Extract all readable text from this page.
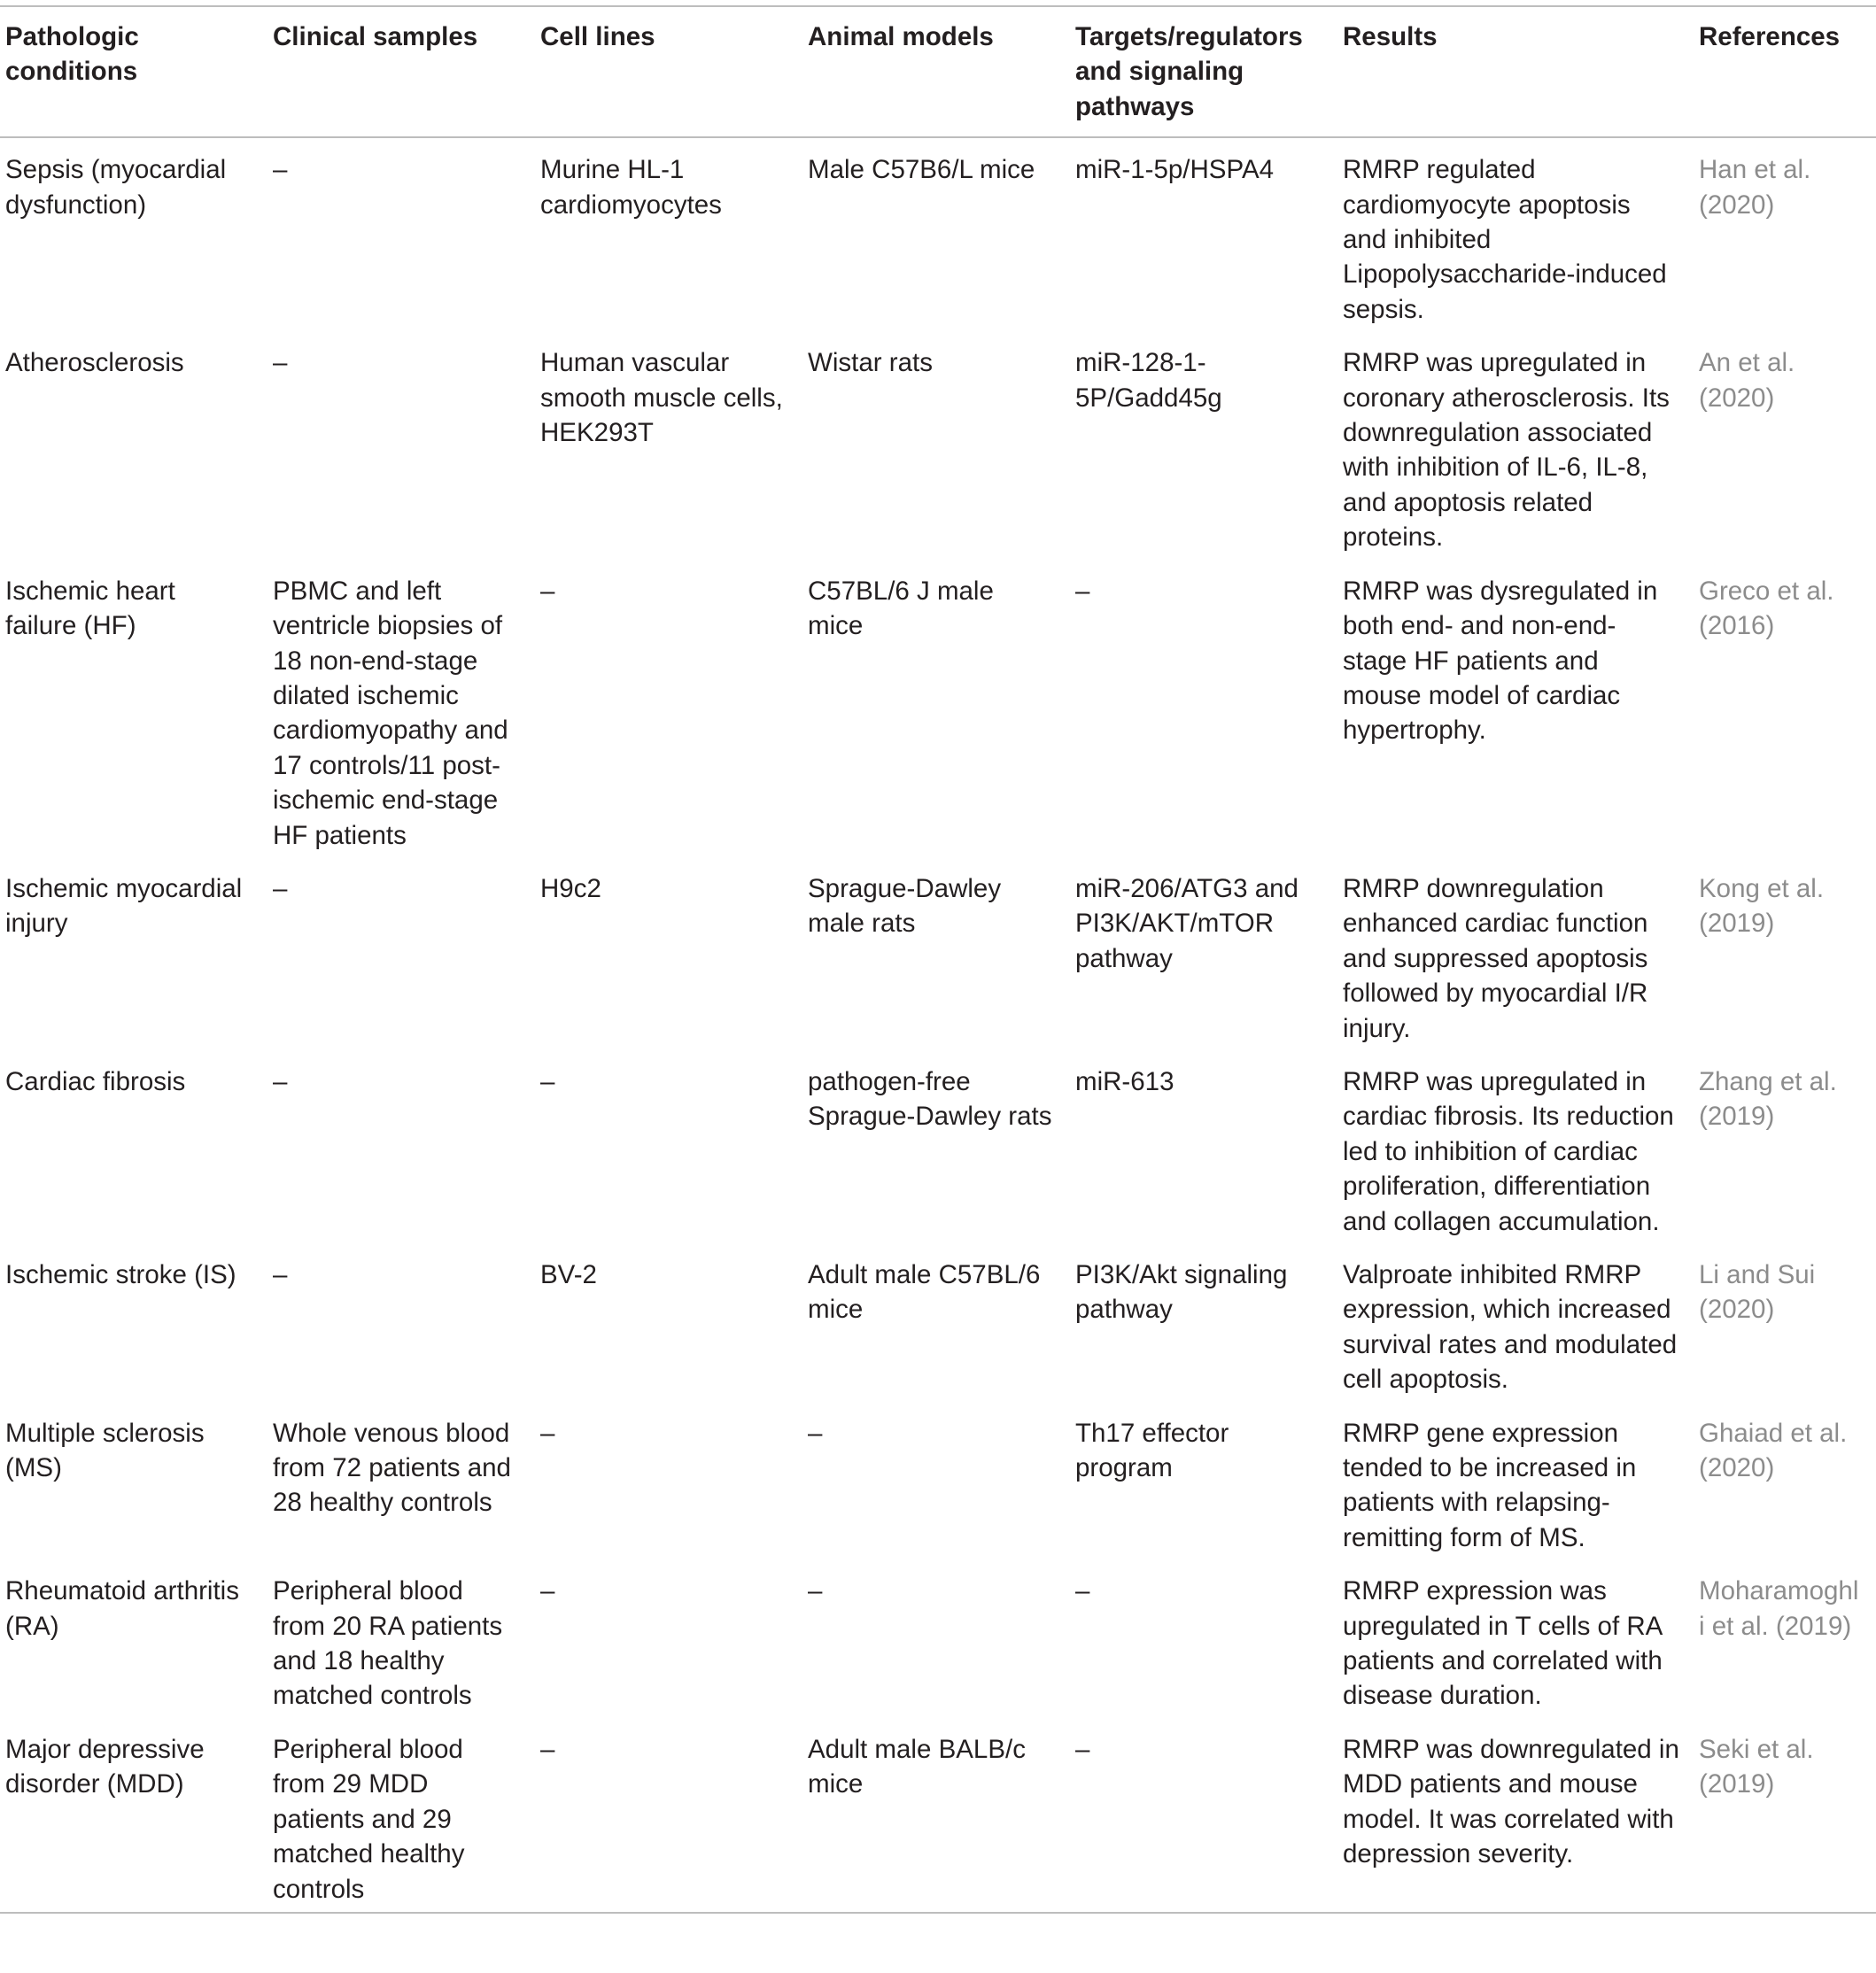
Pathologic conditions	Clinical samples	Cell lines	Animal models	Targets/regulators and signaling pathways	Results	References
Sepsis (myocardial dysfunction)	–	Murine HL-1 cardiomyocytes	Male C57B6/L mice	miR-1-5p/HSPA4	RMRP regulated cardiomyocyte apoptosis and inhibited Lipopolysaccharide-induced sepsis.	Han et al. (2020)
Atherosclerosis	–	Human vascular smooth muscle cells, HEK293T	Wistar rats	miR-128-1-5P/Gadd45g	RMRP was upregulated in coronary atherosclerosis. Its downregulation associated with inhibition of IL-6, IL-8, and apoptosis related proteins.	An et al. (2020)
Ischemic heart failure (HF)	PBMC and left ventricle biopsies of 18 non-end-stage dilated ischemic cardiomyopathy and 17 controls/11 post-ischemic end-stage HF patients	–	C57BL/6 J male mice	–	RMRP was dysregulated in both end- and non-end-stage HF patients and mouse model of cardiac hypertrophy.	Greco et al. (2016)
Ischemic myocardial injury	–	H9c2	Sprague-Dawley male rats	miR-206/ATG3 and PI3K/AKT/mTOR pathway	RMRP downregulation enhanced cardiac function and suppressed apoptosis followed by myocardial I/R injury.	Kong et al. (2019)
Cardiac fibrosis	–	–	pathogen-free Sprague-Dawley rats	miR-613	RMRP was upregulated in cardiac fibrosis. Its reduction led to inhibition of cardiac proliferation, differentiation and collagen accumulation.	Zhang et al. (2019)
Ischemic stroke (IS)	–	BV-2	Adult male C57BL/6 mice	PI3K/Akt signaling pathway	Valproate inhibited RMRP expression, which increased survival rates and modulated cell apoptosis.	Li and Sui (2020)
Multiple sclerosis (MS)	Whole venous blood from 72 patients and 28 healthy controls	–	–	Th17 effector program	RMRP gene expression tended to be increased in patients with relapsing-remitting form of MS.	Ghaiad et al. (2020)
Rheumatoid arthritis (RA)	Peripheral blood from 20 RA patients and 18 healthy matched controls	–	–	–	RMRP expression was upregulated in T cells of RA patients and correlated with disease duration.	Moharamoghli et al. (2019)
Major depressive disorder (MDD)	Peripheral blood from 29 MDD patients and 29 matched healthy controls	–	Adult male BALB/c mice	–	RMRP was downregulated in MDD patients and mouse model. It was correlated with depression severity.	Seki et al. (2019)
